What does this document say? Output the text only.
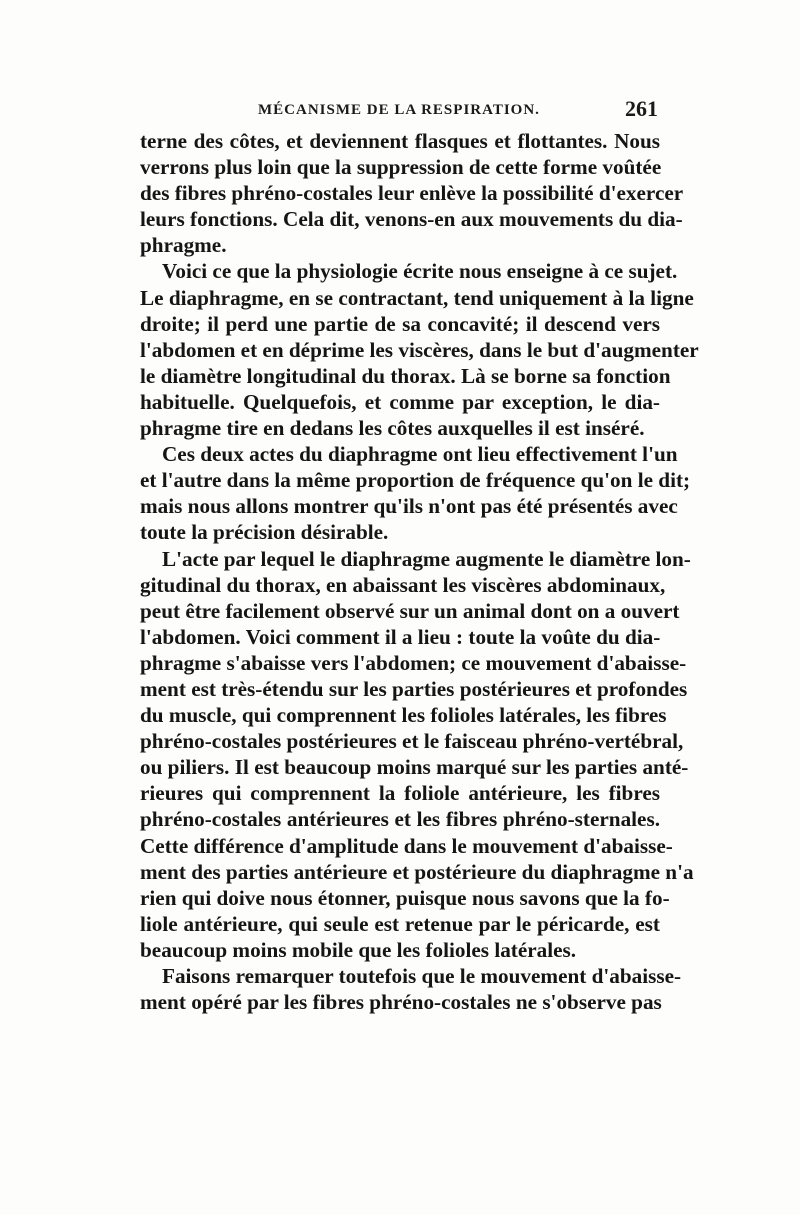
MÉCANISME DE LA RESPIRATION.	261
terne des côtes, et deviennent flasques et flottantes. Nous
verrons plus loin que la suppression de cette forme voûtée
des fibres phréno-costales leur enlève la possibilité d'exercer
leurs fonctions. Cela dit, venons-en aux mouvements du dia-
phragme.
Voici ce que la physiologie écrite nous enseigne à ce sujet.
Le diaphragme, en se contractant, tend uniquement à la ligne
droite; il perd une partie de sa concavité; il descend vers
l'abdomen et en déprime les viscères, dans le but d'augmenter
le diamètre longitudinal du thorax. Là se borne sa fonction
habituelle. Quelquefois, et comme par exception, le dia-
phragme tire en dedans les côtes auxquelles il est inséré.
Ces deux actes du diaphragme ont lieu effectivement l'un
et l'autre dans la même proportion de fréquence qu'on le dit;
mais nous allons montrer qu'ils n'ont pas été présentés avec
toute la précision désirable.
L'acte par lequel le diaphragme augmente le diamètre lon-
gitudinal du thorax, en abaissant les viscères abdominaux,
peut être facilement observé sur un animal dont on a ouvert
l'abdomen. Voici comment il a lieu : toute la voûte du dia-
phragme s'abaisse vers l'abdomen; ce mouvement d'abaisse-
ment est très-étendu sur les parties postérieures et profondes
du muscle, qui comprennent les folioles latérales, les fibres
phréno-costales postérieures et le faisceau phréno-vertébral,
ou piliers. Il est beaucoup moins marqué sur les parties anté-
rieures qui comprennent la foliole antérieure, les fibres
phréno-costales antérieures et les fibres phréno-sternales.
Cette différence d'amplitude dans le mouvement d'abaisse-
ment des parties antérieure et postérieure du diaphragme n'a
rien qui doive nous étonner, puisque nous savons que la fo-
liole antérieure, qui seule est retenue par le péricarde, est
beaucoup moins mobile que les folioles latérales.
Faisons remarquer toutefois que le mouvement d'abaisse-
ment opéré par les fibres phréno-costales ne s'observe pas
